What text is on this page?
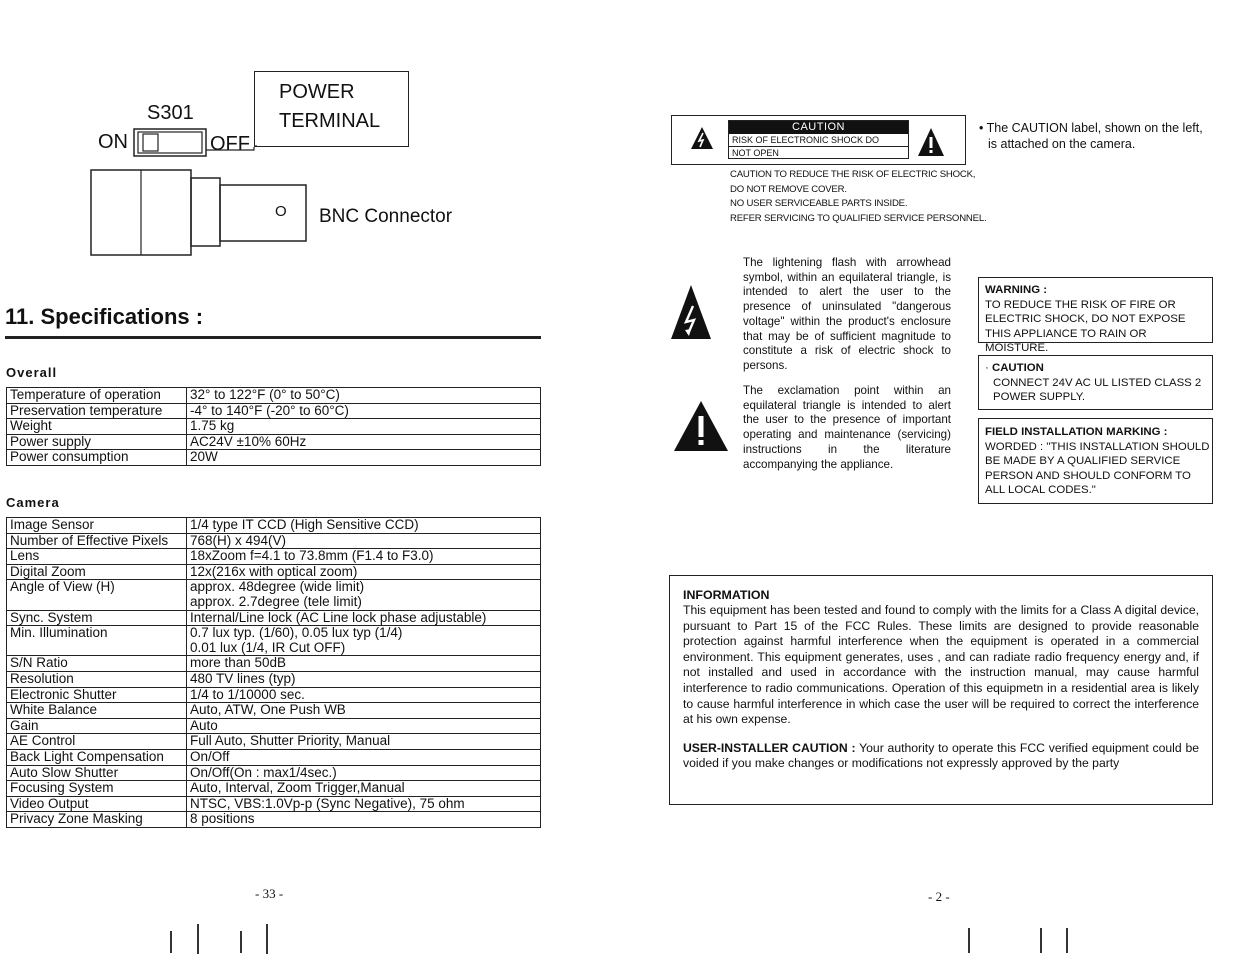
POWER
TERMINAL
S301
ON	OFF
O BNC Connector
11. Specifications :
Overall
Temperature of operation	32° to 122°F (0° to 50°C)
Preservation temperature	-4° to 140°F (-20° to 60°C)
Weight	1.75 kg
Power supply	AC24V ±10% 60Hz
Power consumption	20W
Camera
Image Sensor	1/4 type IT CCD (High Sensitive CCD)
Number of Effective Pixels	768(H) x 494(V)
Lens	18xZoom f=4.1 to 73.8mm (F1.4 to F3.0)
Digital Zoom	12x(216x with optical zoom)
Angle of View (H)	approx. 48degree (wide limit)
approx. 2.7degree (tele limit)

Sync. System	Internal/Line lock (AC Line lock phase adjustable)
Min. Illumination	0.7 lux typ. (1/60), 0.05 lux typ (1/4)
0.01 lux (1/4, IR Cut OFF)

S/N Ratio	more than 50dB
Resolution	480 TV lines (typ)
Electronic Shutter	1/4 to 1/10000 sec.
White Balance	Auto, ATW, One Push WB
Gain	Auto
AE Control	Full Auto, Shutter Priority, Manual
Back Light Compensation	On/Off
Auto Slow Shutter	On/Off(On : max1/4sec.)
Focusing System	Auto, Interval, Zoom Trigger,Manual
Video Output	NTSC, VBS:1.0Vp-p (Sync Negative), 75 ohm
Privacy Zone Masking	8 positions
- 33 -
CAUTION
RISK OF ELECTRONIC SHOCK DO
NOT OPEN
• The CAUTION label, shown on the left,
is attached on the camera.
CAUTION TO REDUCE THE RISK OF ELECTRIC SHOCK,
DO NOT REMOVE COVER.
NO USER SERVICEABLE PARTS INSIDE.
REFER SERVICING TO QUALIFIED SERVICE PERSONNEL.
The lightening flash with arrowhead symbol, within an equilateral triangle, is intended to alert the user to the presence of uninsulated "dangerous voltage" within the product's enclosure that may be of sufficient magnitude to constitute a risk of electric shock to persons.
The exclamation point within an equilateral triangle is intended to alert the user to the presence of important operating and maintenance (servicing) instructions in the literature accompanying the appliance.
WARNING :
TO REDUCE THE RISK OF FIRE OR
ELECTRIC SHOCK, DO NOT EXPOSE
THIS APPLIANCE TO RAIN OR MOISTURE.
· CAUTION
CONNECT 24V AC UL LISTED CLASS 2
POWER SUPPLY.
FIELD INSTALLATION MARKING :
WORDED : "THIS INSTALLATION SHOULD
BE MADE BY A QUALIFIED SERVICE
PERSON AND SHOULD CONFORM TO
ALL LOCAL CODES."
INFORMATION

This equipment has been tested and found to comply with the limits for a Class A digital device, pursuant to Part 15 of the FCC Rules. These limits are designed to provide reasonable protection against harmful interference when the equipment is operated in a commercial environment. This equipment generates, uses , and can radiate radio frequency energy and, if not installed and used in accordance with the instruction manual, may cause harmful interference to radio communications. Operation of this equipmetn in a residential area is likely to cause harmful interference in which case the user will be required to correct the interference at his own expense.

USER-INSTALLER CAUTION : Your authority to operate this FCC verified equipment could be voided if you make changes or modifications not expressly approved by the party

- 2 -
